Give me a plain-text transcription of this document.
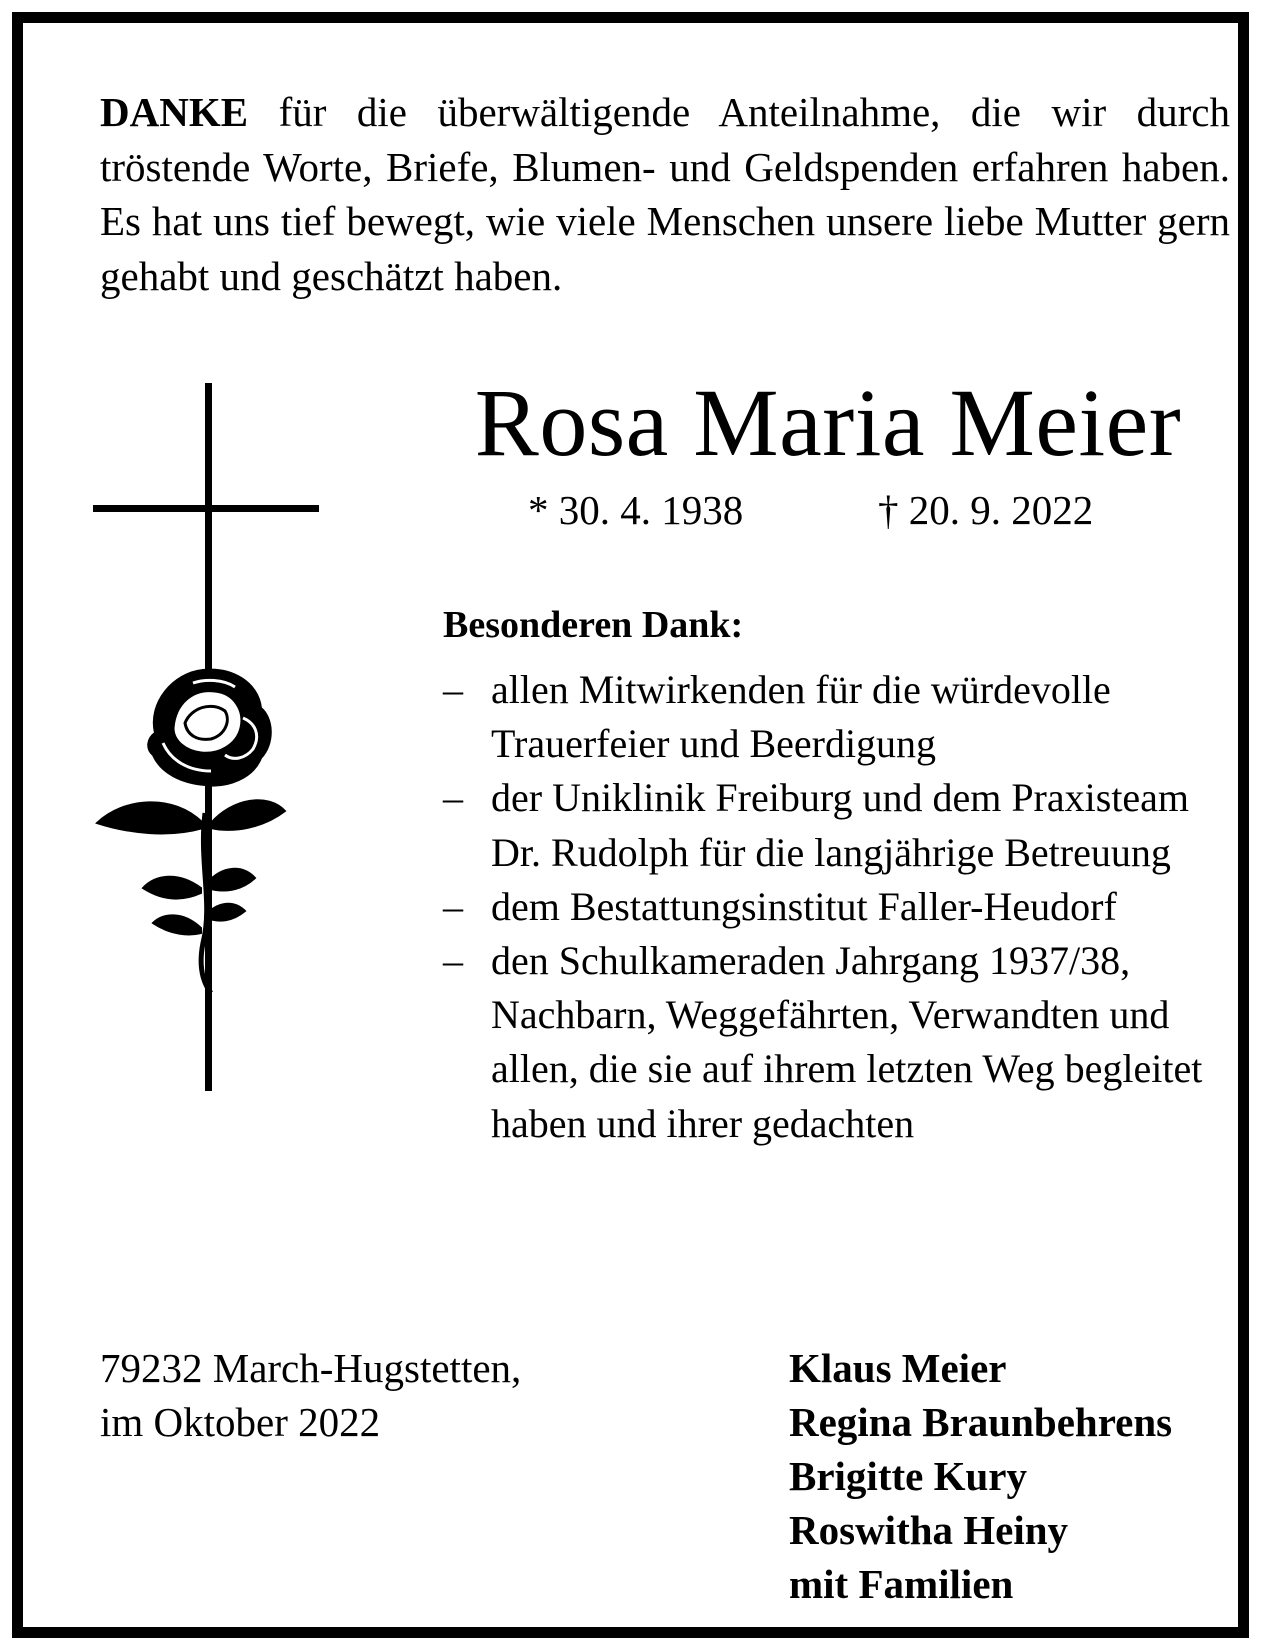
DANKE für die überwältigende Anteilnahme, die wir durch tröstende Worte, Briefe, Blumen- und Geldspenden erfahren haben. Es hat uns tief bewegt, wie viele Menschen unsere liebe Mutter gern gehabt und geschätzt haben.

Rosa Maria Meier
* 30. 4. 1938	† 20. 9. 2022
Besonderen Dank:
– allen Mitwirkenden für die würdevolle Trauerfeier und Beerdigung
– der Uniklinik Freiburg und dem Praxisteam Dr. Rudolph für die langjährige Betreuung
– dem Bestattungsinstitut Faller-Heudorf
– den Schulkameraden Jahrgang 1937/38, Nachbarn, Weggefährten, Verwandten und allen, die sie auf ihrem letzten Weg begleitet haben und ihrer gedachten
79232 March-Hugstetten,
im Oktober 2022
Klaus Meier
Regina Braunbehrens
Brigitte Kury
Roswitha Heiny
mit Familien
